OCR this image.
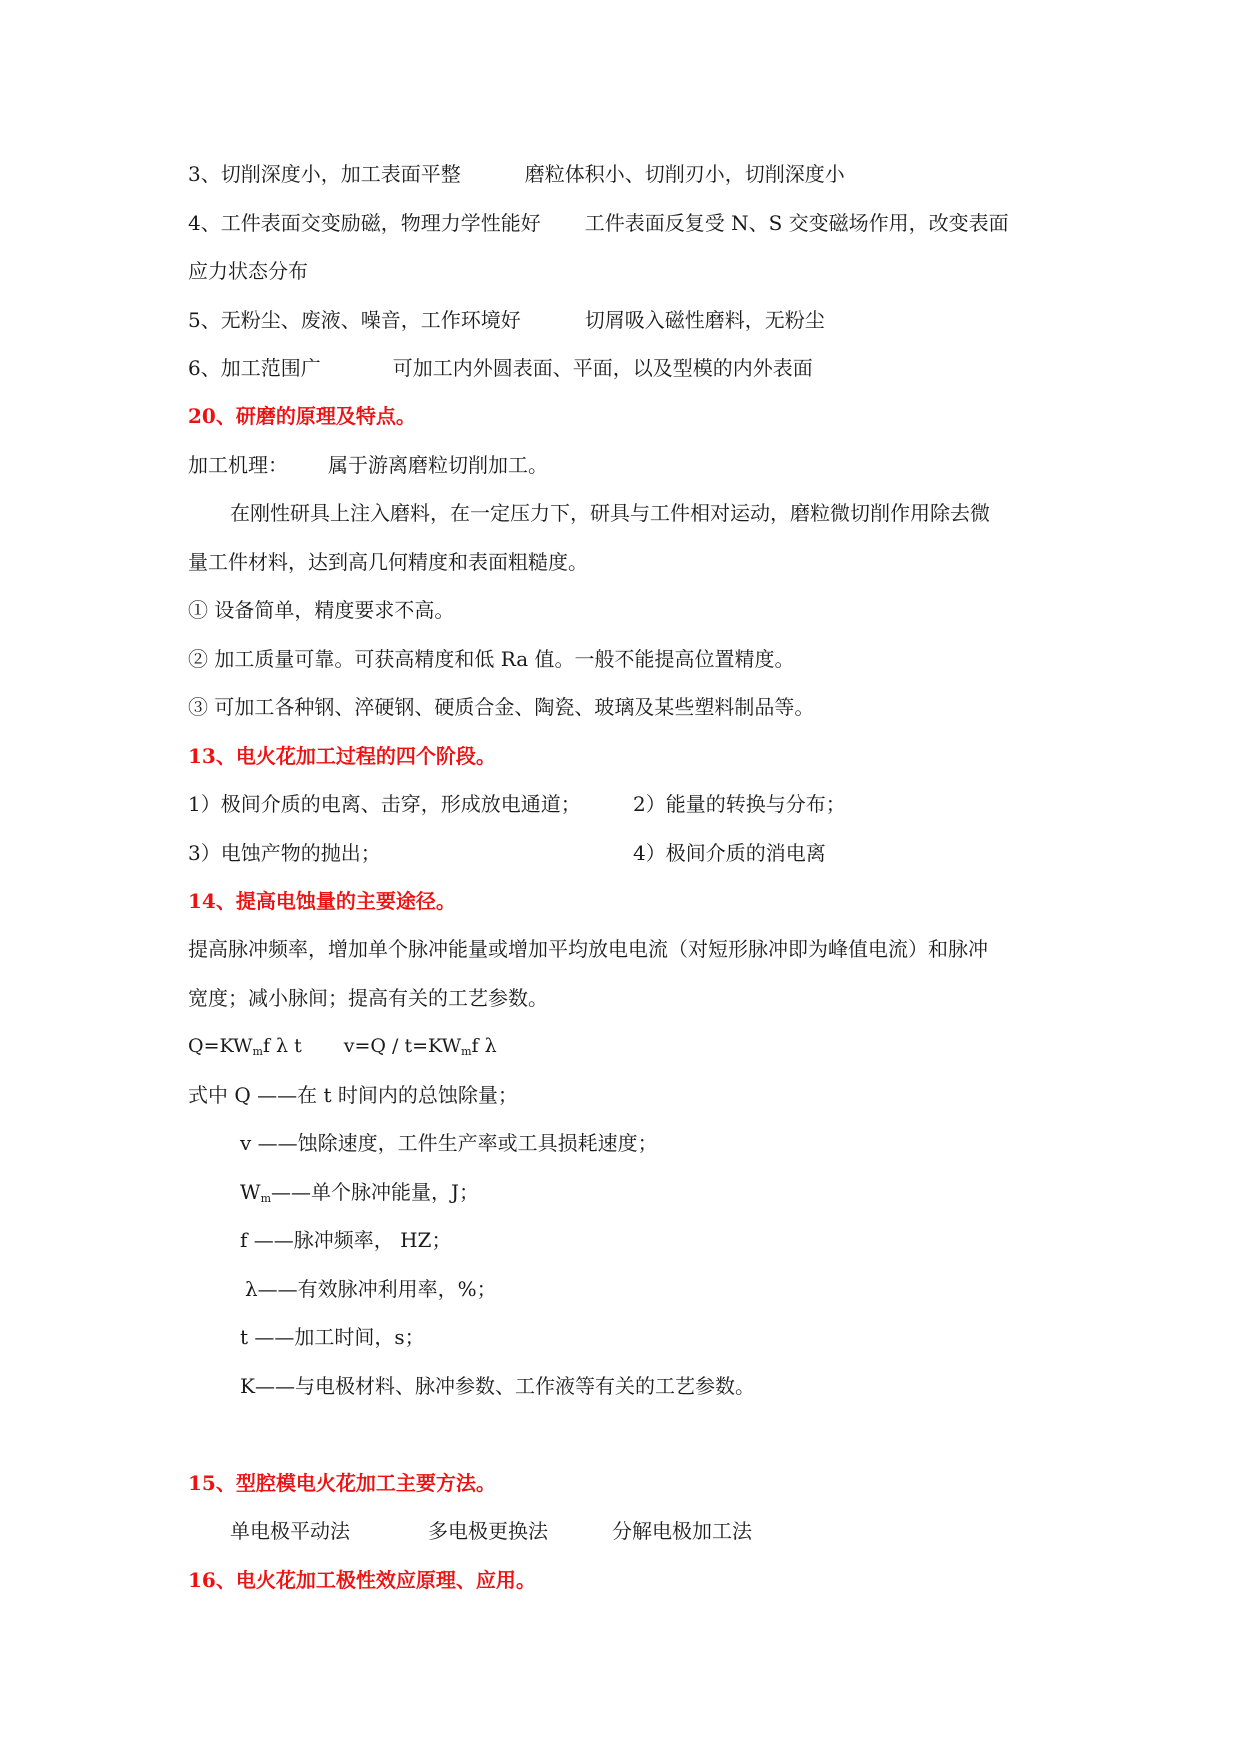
3、切削深度小，加工表面平整	磨粒体积小、切削刃小，切削深度小

4、工件表面交变励磁，物理力学性能好 工件表面反复受 N、S 交变磁场作用，改变表面

应力状态分布

5、无粉尘、废液、噪音，工作环境好	切屑吸入磁性磨料，无粉尘

6、加工范围广	可加工内外圆表面、平面，以及型模的内外表面

20、研磨的原理及特点。

加工机理： 属于游离磨粒切削加工。

在刚性研具上注入磨料，在一定压力下，研具与工件相对运动，磨粒微切削作用除去微

量工件材料，达到高几何精度和表面粗糙度。

① 设备简单，精度要求不高。

② 加工质量可靠。可获高精度和低 Ra 值。一般不能提高位置精度。

③ 可加工各种钢、淬硬钢、硬质合金、陶瓷、玻璃及某些塑料制品等。

13、电火花加工过程的四个阶段。

1）极间介质的电离、击穿，形成放电通道；	2）能量的转换与分布；

3）电蚀产物的抛出；	4）极间介质的消电离

14、提高电蚀量的主要途径。

提高脉冲频率，增加单个脉冲能量或增加平均放电电流（对短形脉冲即为峰值电流）和脉冲

宽度；减小脉间；提高有关的工艺参数。

$Q=KW_mf$ λ t $v=Q / t=KW_mf$ λ

式中 Q ——在 t 时间内的总蚀除量；

v ——蚀除速度，工件生产率或工具损耗速度；

$W_m——$单个脉冲能量，J；

f ——脉冲频率， HZ；

λ——有效脉冲利用率，%；

t ——加工时间，s；

K——与电极材料、脉冲参数、工作液等有关的工艺参数。

15、型腔模电火花加工主要方法。

单电极平动法	多电极更换法	分解电极加工法

16、电火花加工极性效应原理、应用。
